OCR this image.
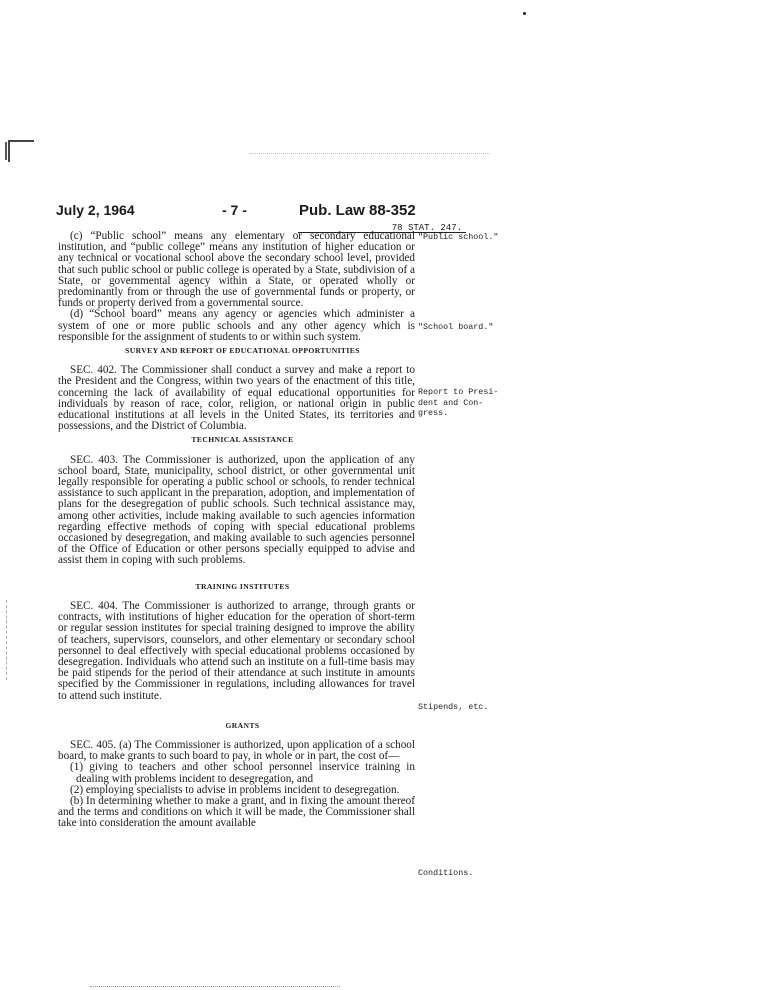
July 2, 1964	- 7 -	Pub. Law 88-352
78 STAT. 247.

(c) “Public school” means any elementary or secondary educational institution, and “public college” means any institution of higher education or any technical or vocational school above the secondary school level, provided that such public school or public college is operated by a State, subdivision of a State, or governmental agency within a State, or operated wholly or predominantly from or through the use of governmental funds or property, or funds or property derived from a governmental source.

(d) “School board” means any agency or agencies which administer a system of one or more public schools and any other agency which is responsible for the assignment of students to or within such system.

SURVEY AND REPORT OF EDUCATIONAL OPPORTUNITIES

SEC. 402. The Commissioner shall conduct a survey and make a report to the President and the Congress, within two years of the enactment of this title, concerning the lack of availability of equal educational opportunities for individuals by reason of race, color, religion, or national origin in public educational institutions at all levels in the United States, its territories and possessions, and the District of Columbia.

TECHNICAL ASSISTANCE

SEC. 403. The Commissioner is authorized, upon the application of any school board, State, municipality, school district, or other governmental unit legally responsible for operating a public school or schools, to render technical assistance to such applicant in the preparation, adoption, and implementation of plans for the desegregation of public schools. Such technical assistance may, among other activities, include making available to such agencies information regarding effective methods of coping with special educational problems occasioned by desegregation, and making available to such agencies personnel of the Office of Education or other persons specially equipped to advise and assist them in coping with such problems.

TRAINING INSTITUTES

SEC. 404. The Commissioner is authorized to arrange, through grants or contracts, with institutions of higher education for the operation of short-term or regular session institutes for special training designed to improve the ability of teachers, supervisors, counselors, and other elementary or secondary school personnel to deal effectively with special educational problems occasioned by desegregation. Individuals who attend such an institute on a full-time basis may be paid stipends for the period of their attendance at such institute in amounts specified by the Commissioner in regulations, including allowances for travel to attend such institute.

GRANTS

SEC. 405. (a) The Commissioner is authorized, upon application of a school board, to make grants to such board to pay, in whole or in part, the cost of—

(1) giving to teachers and other school personnel inservice training in dealing with problems incident to desegregation, and

(2) employing specialists to advise in problems incident to desegregation.

(b) In determining whether to make a grant, and in fixing the amount thereof and the terms and conditions on which it will be made, the Commissioner shall take into consideration the amount available

"Public school."
"School board."
Report to Presi-
dent and Con-
gress.
Stipends, etc.
Conditions.
